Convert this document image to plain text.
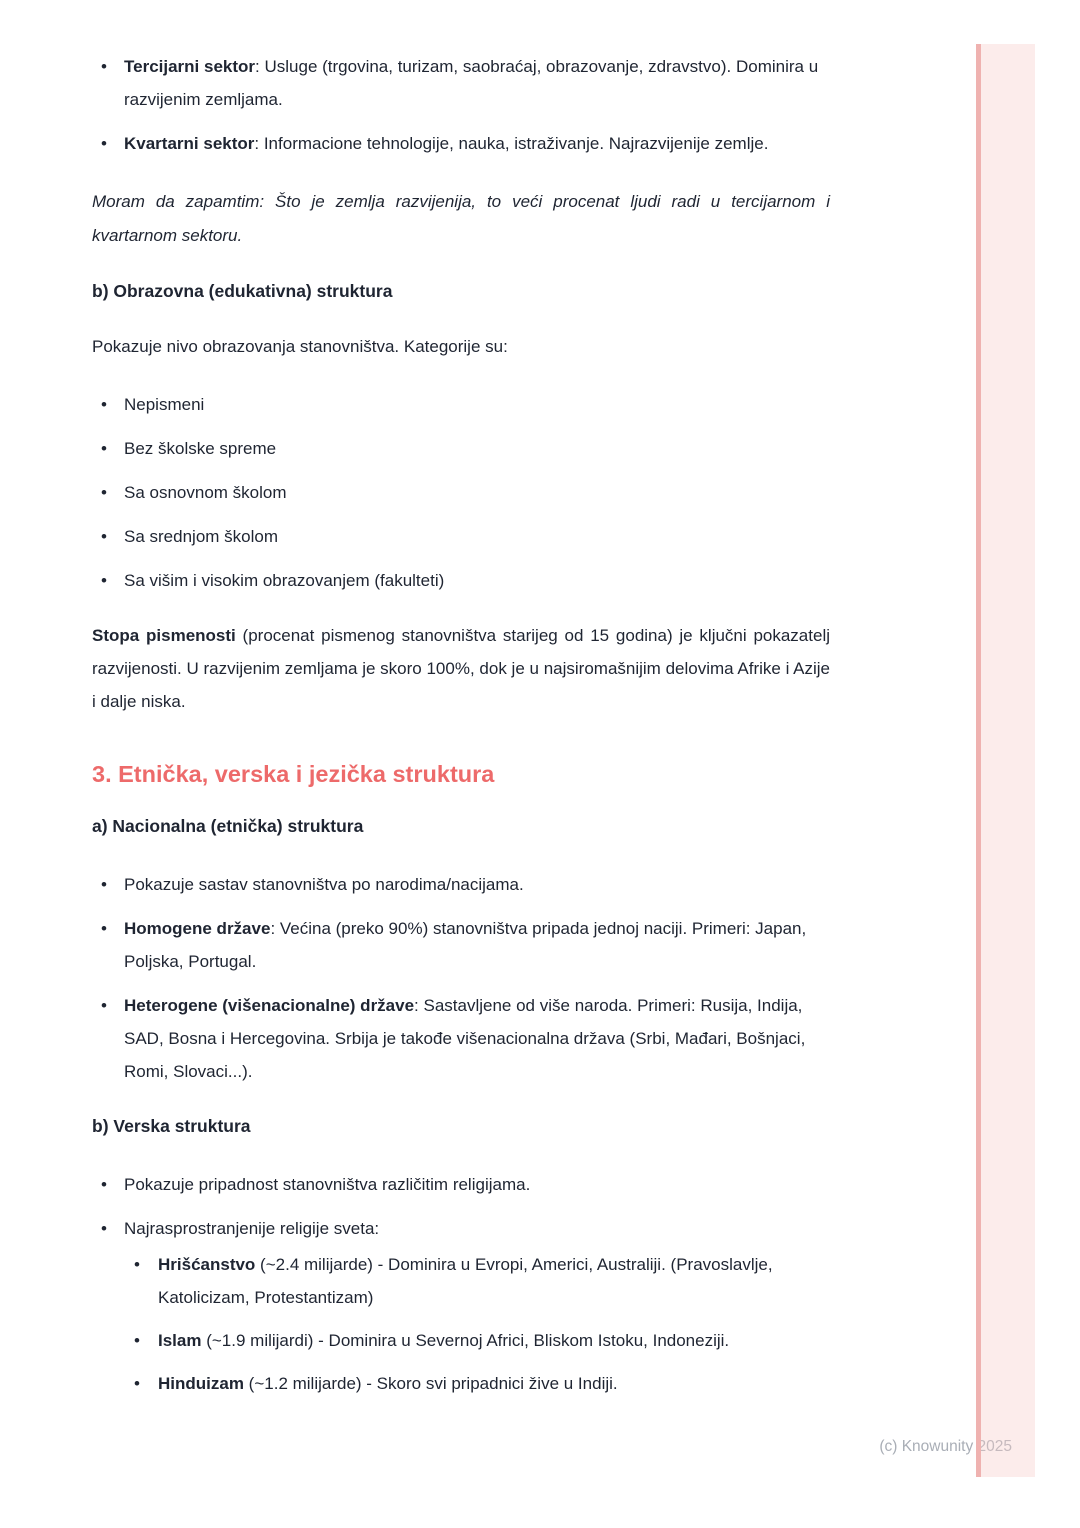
(c) Knowunity 2025
•	Tercijarni sektor: Usluge (trgovina, turizam, saobraćaj, obrazovanje, zdravstvo). Dominira u razvijenim zemljama.
•	Kvartarni sektor: Informacione tehnologije, nauka, istraživanje. Najrazvijenije zemlje.

Moram da zapamtim: Što je zemlja razvijenija, to veći procenat ljudi radi u tercijarnom i kvartarnom sektoru.

b) Obrazovna (edukativna) struktura

Pokazuje nivo obrazovanja stanovništva. Kategorije su:

•	Nepismeni
•	Bez školske spreme
•	Sa osnovnom školom
•	Sa srednjom školom
•	Sa višim i visokim obrazovanjem (fakulteti)

Stopa pismenosti (procenat pismenog stanovništva starijeg od 15 godina) je ključni pokazatelj razvijenosti. U razvijenim zemljama je skoro 100%, dok je u najsiromašnijim delovima Afrike i Azije i dalje niska.

3. Etnička, verska i jezička struktura
a) Nacionalna (etnička) struktura
•	Pokazuje sastav stanovništva po narodima/nacijama.
•	Homogene države: Većina (preko 90%) stanovništva pripada jednoj naciji. Primeri: Japan, Poljska, Portugal.
•	Heterogene (višenacionalne) države: Sastavljene od više naroda. Primeri: Rusija, Indija, SAD, Bosna i Hercegovina. Srbija je takođe višenacionalna država (Srbi, Mađari, Bošnjaci, Romi, Slovaci...).
b) Verska struktura
•	Pokazuje pripadnost stanovništva različitim religijama.
•	Najrasprostranjenije religije sveta:
•	Hrišćanstvo (~2.4 milijarde) - Dominira u Evropi, Americi, Australiji. (Pravoslavlje, Katolicizam, Protestantizam)
•	Islam (~1.9 milijardi) - Dominira u Severnoj Africi, Bliskom Istoku, Indoneziji.
•	Hinduizam (~1.2 milijarde) - Skoro svi pripadnici žive u Indiji.
